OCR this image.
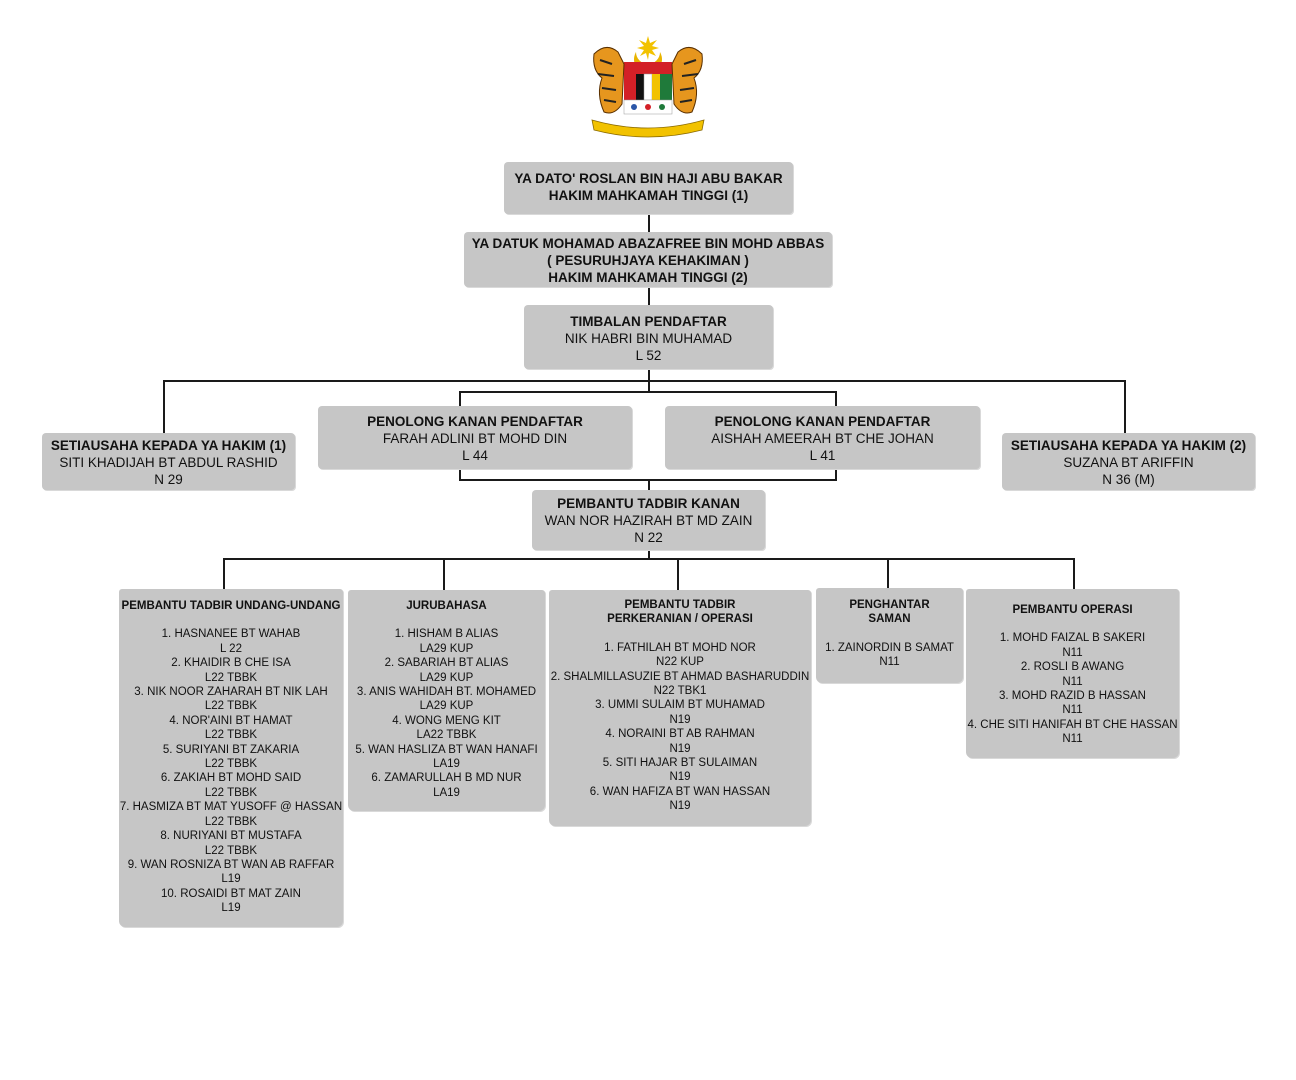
YA DATO' ROSLAN BIN HAJI ABU BAKAR
HAKIM MAHKAMAH TINGGI (1)
YA DATUK MOHAMAD ABAZAFREE BIN MOHD ABBAS
( PESURUHJAYA KEHAKIMAN )
HAKIM MAHKAMAH TINGGI (2)
TIMBALAN PENDAFTAR
NIK HABRI BIN MUHAMAD
L 52
SETIAUSAHA KEPADA YA HAKIM (1)
SITI KHADIJAH BT ABDUL RASHID
N 29
PENOLONG KANAN PENDAFTAR
FARAH ADLINI BT MOHD DIN
L 44
PENOLONG KANAN PENDAFTAR
AISHAH AMEERAH BT CHE JOHAN
L 41
SETIAUSAHA KEPADA YA HAKIM (2)
SUZANA BT ARIFFIN
N 36 (M)
PEMBANTU TADBIR KANAN
WAN NOR HAZIRAH BT MD ZAIN
N 22
PEMBANTU TADBIR UNDANG-UNDANG
1. HASNANEE BT WAHAB
L 22
2. KHAIDIR B CHE ISA
L22 TBBK
3. NIK NOOR ZAHARAH BT NIK LAH
L22 TBBK
4. NOR'AINI BT HAMAT
L22 TBBK
5. SURIYANI BT ZAKARIA
L22 TBBK
6. ZAKIAH BT MOHD SAID
L22 TBBK
7. HASMIZA BT MAT YUSOFF @ HASSAN
L22 TBBK
8. NURIYANI BT MUSTAFA
L22 TBBK
9. WAN ROSNIZA BT WAN AB RAFFAR
L19
10. ROSAIDI BT MAT ZAIN
L19
JURUBAHASA
1. HISHAM B ALIAS
LA29 KUP
2. SABARIAH BT ALIAS
LA29 KUP
3. ANIS WAHIDAH BT. MOHAMED
LA29 KUP
4. WONG MENG KIT
LA22 TBBK
5. WAN HASLIZA BT WAN HANAFI
LA19
6. ZAMARULLAH B MD NUR
LA19
PEMBANTU TADBIR
PERKERANIAN / OPERASI
1. FATHILAH BT MOHD NOR
N22 KUP
2. SHALMILLASUZIE BT AHMAD BASHARUDDIN
N22 TBK1
3. UMMI SULAIM BT MUHAMAD
N19
4. NORAINI BT AB RAHMAN
N19
5. SITI HAJAR BT SULAIMAN
N19
6. WAN HAFIZA BT WAN HASSAN
N19
PENGHANTAR
SAMAN
1. ZAINORDIN B SAMAT
N11
PEMBANTU OPERASI
1. MOHD FAIZAL B SAKERI
N11
2. ROSLI B AWANG
N11
3. MOHD RAZID B HASSAN
N11
4. CHE SITI HANIFAH BT CHE HASSAN
N11
